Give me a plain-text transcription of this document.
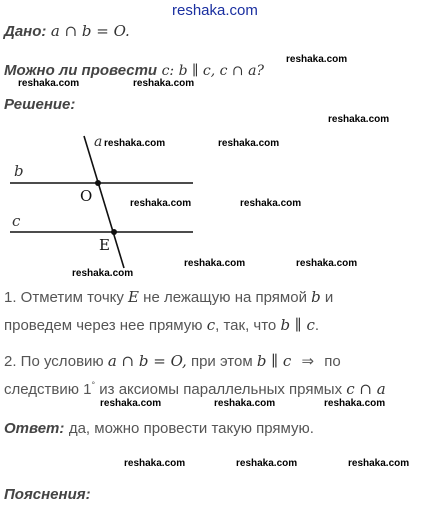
reshaka.com
Дано: a ∩ b = O.
Можно ли провести c: b ∥ c, c ∩ a?
Решение:
a
b
c
O
E
1. Отметим точку E не лежащую на прямой b и
проведем через нее прямую c, так, что b ∥ c.
2. По условию a ∩ b = O, при этом b ∥ c ⇒ по
следствию 1° из аксиомы параллельных прямых c ∩ a
Ответ: да, можно провести такую прямую.
Пояснения:
reshaka.com
reshaka.com	reshaka.com
reshaka.com
reshaka.com	reshaka.com
reshaka.com	reshaka.com
reshaka.com	reshaka.com
reshaka.com
reshaka.com	reshaka.com	reshaka.com
reshaka.com	reshaka.com	reshaka.com
